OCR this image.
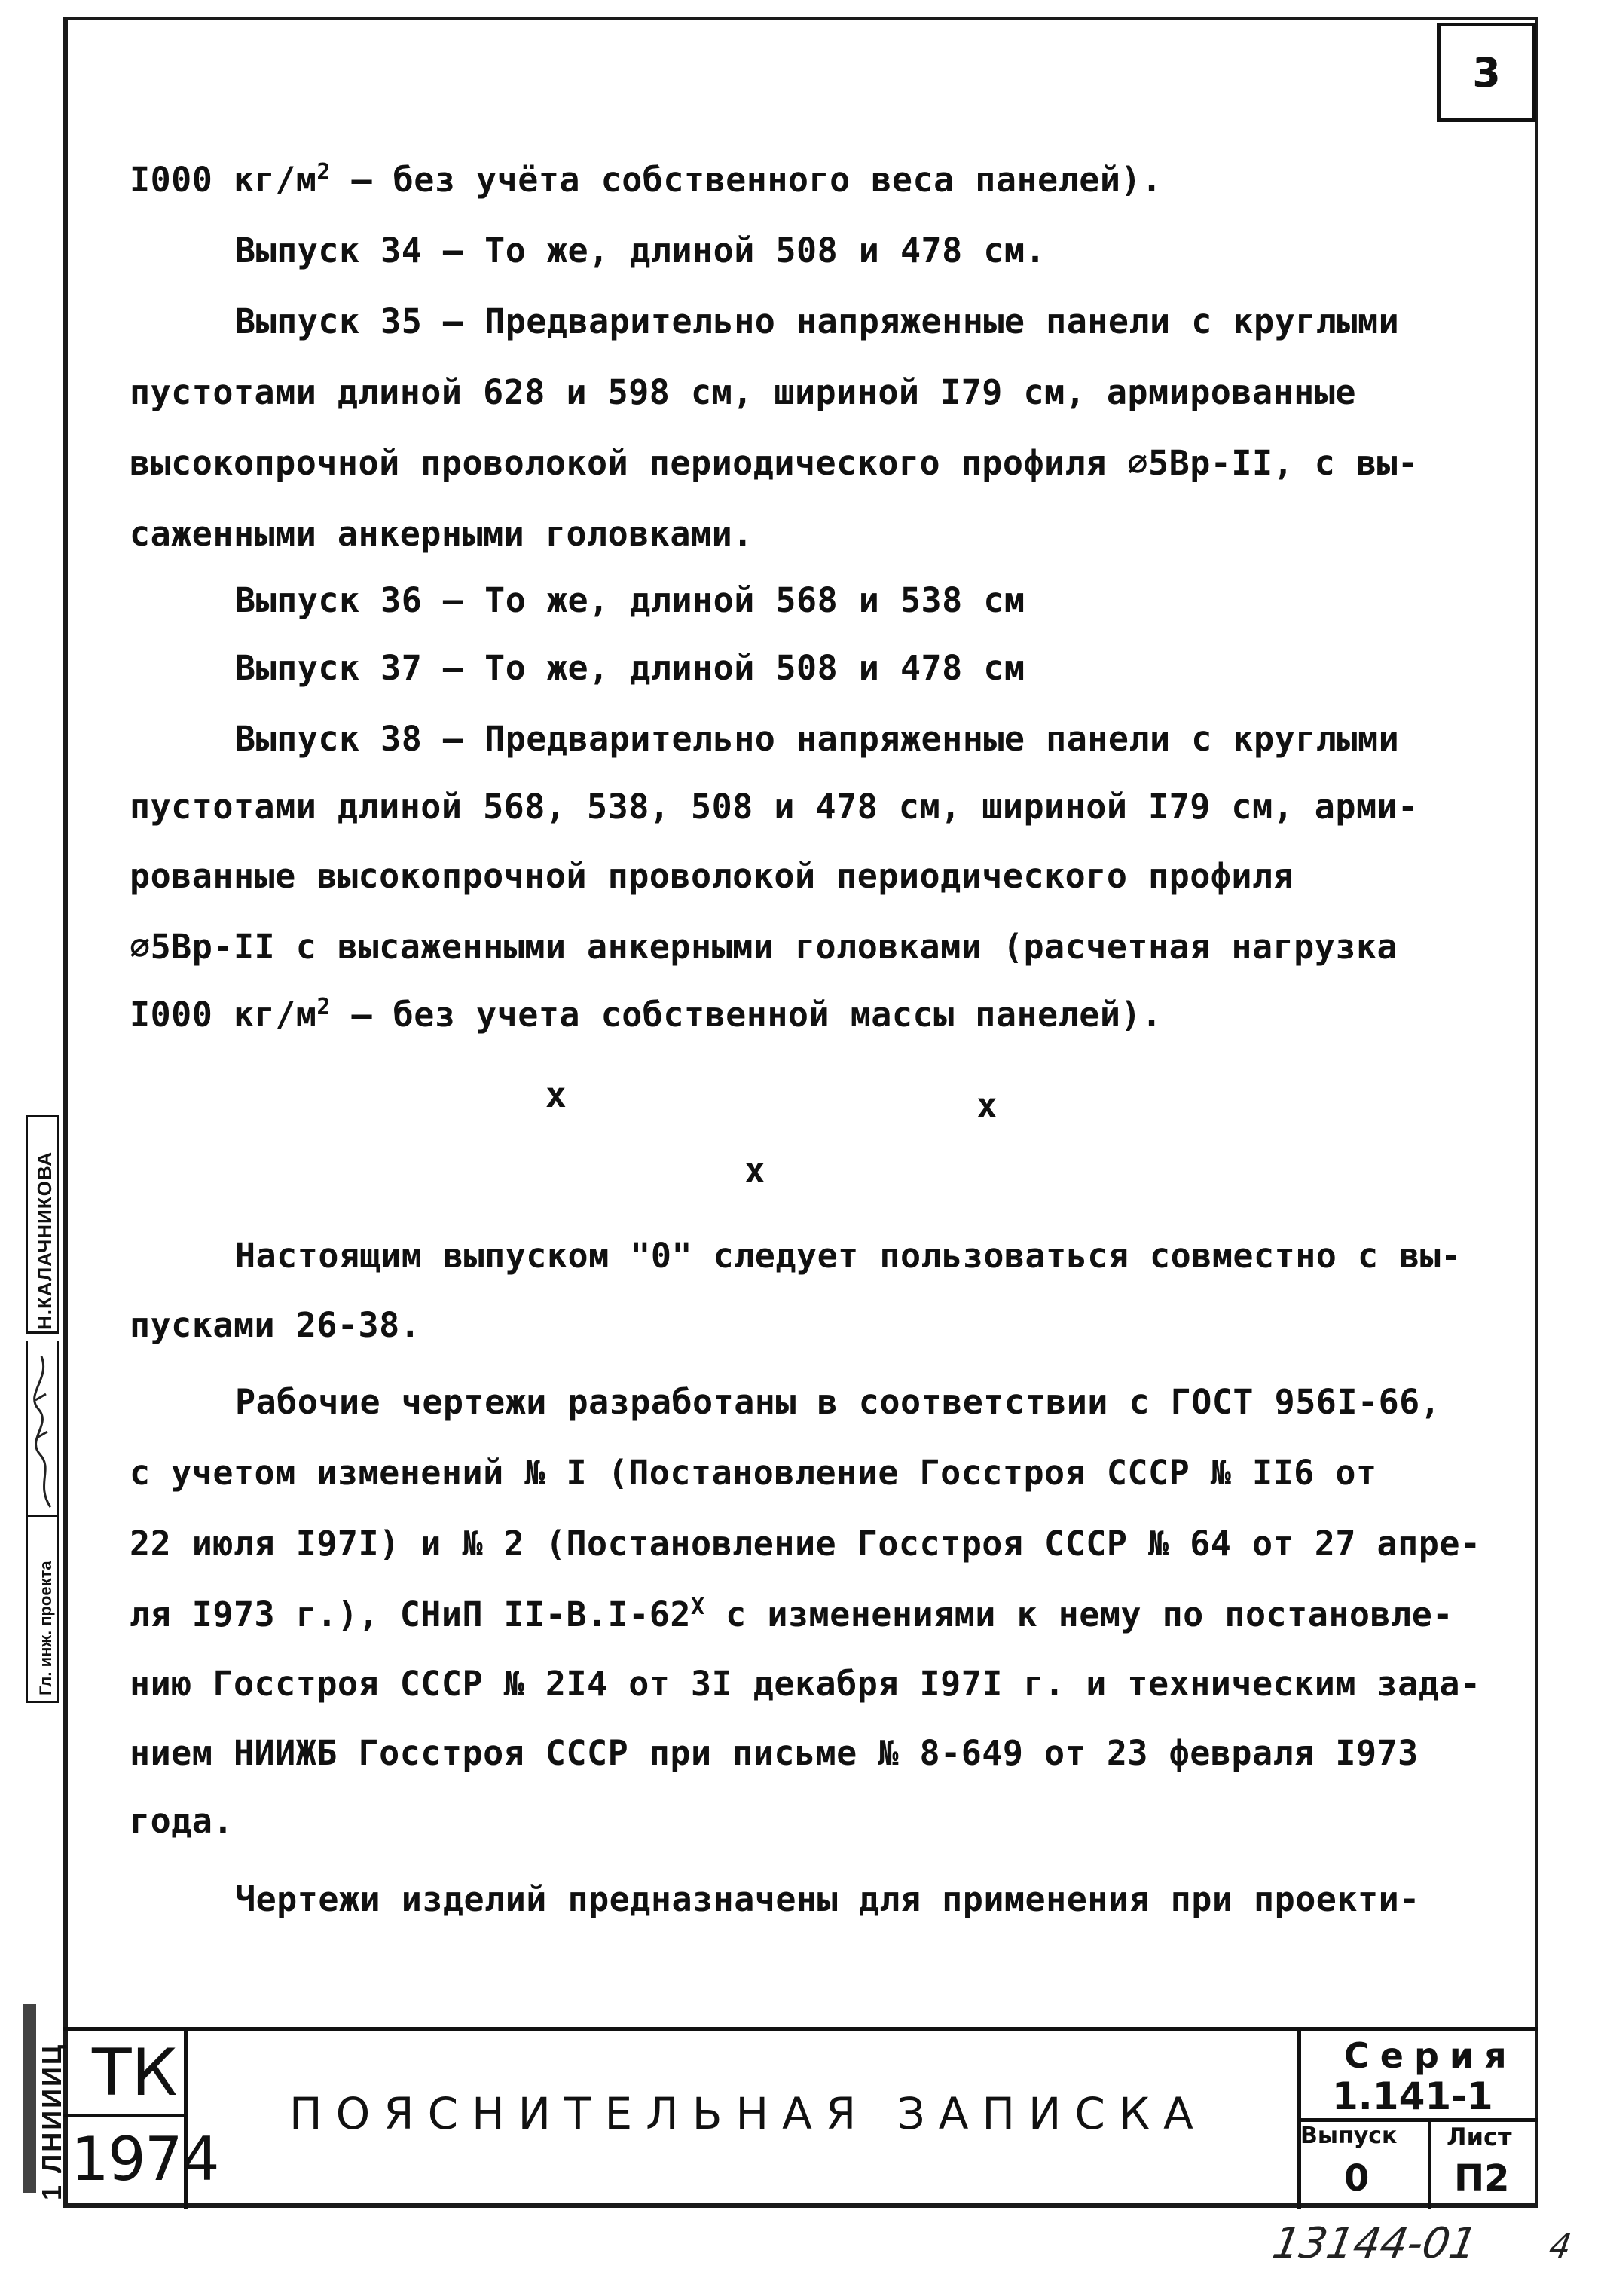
3
I000 $кг/м^2$ – без учёта собственного веса панелей).
Выпуск 34 – То же, длиной 508 и 478 см.
Выпуск 35 – Предварительно напряженные панели с круглыми
пустотами длиной 628 и 598 см, шириной I79 см, армированные
высокопрочной проволокой периодического профиля ∅5Вр-II, с вы-
саженными анкерными головками.
Выпуск 36 – То же, длиной 568 и 538 см
Выпуск 37 – То же, длиной 508 и 478 см
Выпуск 38 – Предварительно напряженные панели с круглыми
пустотами длиной 568, 538, 508 и 478 см, шириной I79 см, арми-
рованные высокопрочной проволокой периодического профиля
∅5Вр-II с высаженными анкерными головками (расчетная нагрузка
I000 $кг/м^2$ – без учета собственной массы панелей).
x	x
x
Настоящим выпуском "0" следует пользоваться совместно с вы-
пусками 26-38.
Рабочие чертежи разработаны в соответствии с ГОСТ 956I-66,
с учетом изменений № I (Постановление Госстроя СССР № II6 от
22 июля I97I) и № 2 (Постановление Госстроя СССР № 64 от 27 апре-
ля I973 г.), СНиП $II-В.I-62^X$ с изменениями к нему по постановле-
нию Госстроя СССР № 2I4 от 3I декабря I97I г. и техническим зада-
нием НИИЖБ Госстроя СССР при письме № 8-649 от 23 февраля I973
года.
Чертежи изделий предназначены для применения при проекти-
ТК
1974
ПОЯСНИТЕЛЬНАЯ ЗАПИСКА
Серия
1.141-1
Выпуск
0
Лист
П2
Н.КАЛАЧНИКОВА
Гл. инж. проекта
1 ЛНИИИЦ
13144-01 4
